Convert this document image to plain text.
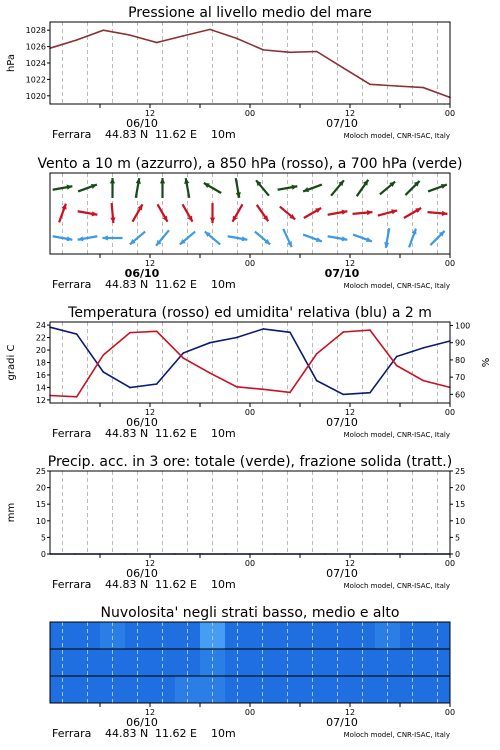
Pressione al livello medio del mare
12	00	12	00
06/10	07/10
Ferrara 44.83 N 11.62 E 10m	Moloch model, CNR-ISAC, Italy
1020
1022
1024
1026
1028
hPa
Vento a 10 m (azzurro), a 850 hPa (rosso), a 700 hPa (verde)
12	00	12	00
06/10	07/10
Ferrara 44.83 N 11.62 E 10m	Moloch model, CNR-ISAC, Italy
Temperatura (rosso) ed umidita' relativa (blu) a 2 m
12	00	12	00
06/10	07/10
Ferrara 44.83 N 11.62 E 10m	Moloch model, CNR-ISAC, Italy
12
14
16
18
20
22
24
60
70
80
90
100
gradi C	%
Precip. acc. in 3 ore: totale (verde), frazione solida (tratt.)
12	00	12	00
06/10	07/10
Ferrara 44.83 N 11.62 E 10m	Moloch model, CNR-ISAC, Italy
0
5
10
15
20
25
0
5
10
15
20
25
mm
Nuvolosita' negli strati basso, medio e alto
12	00	12	00
06/10	07/10
Ferrara 44.83 N 11.62 E 10m	Moloch model, CNR-ISAC, Italy
